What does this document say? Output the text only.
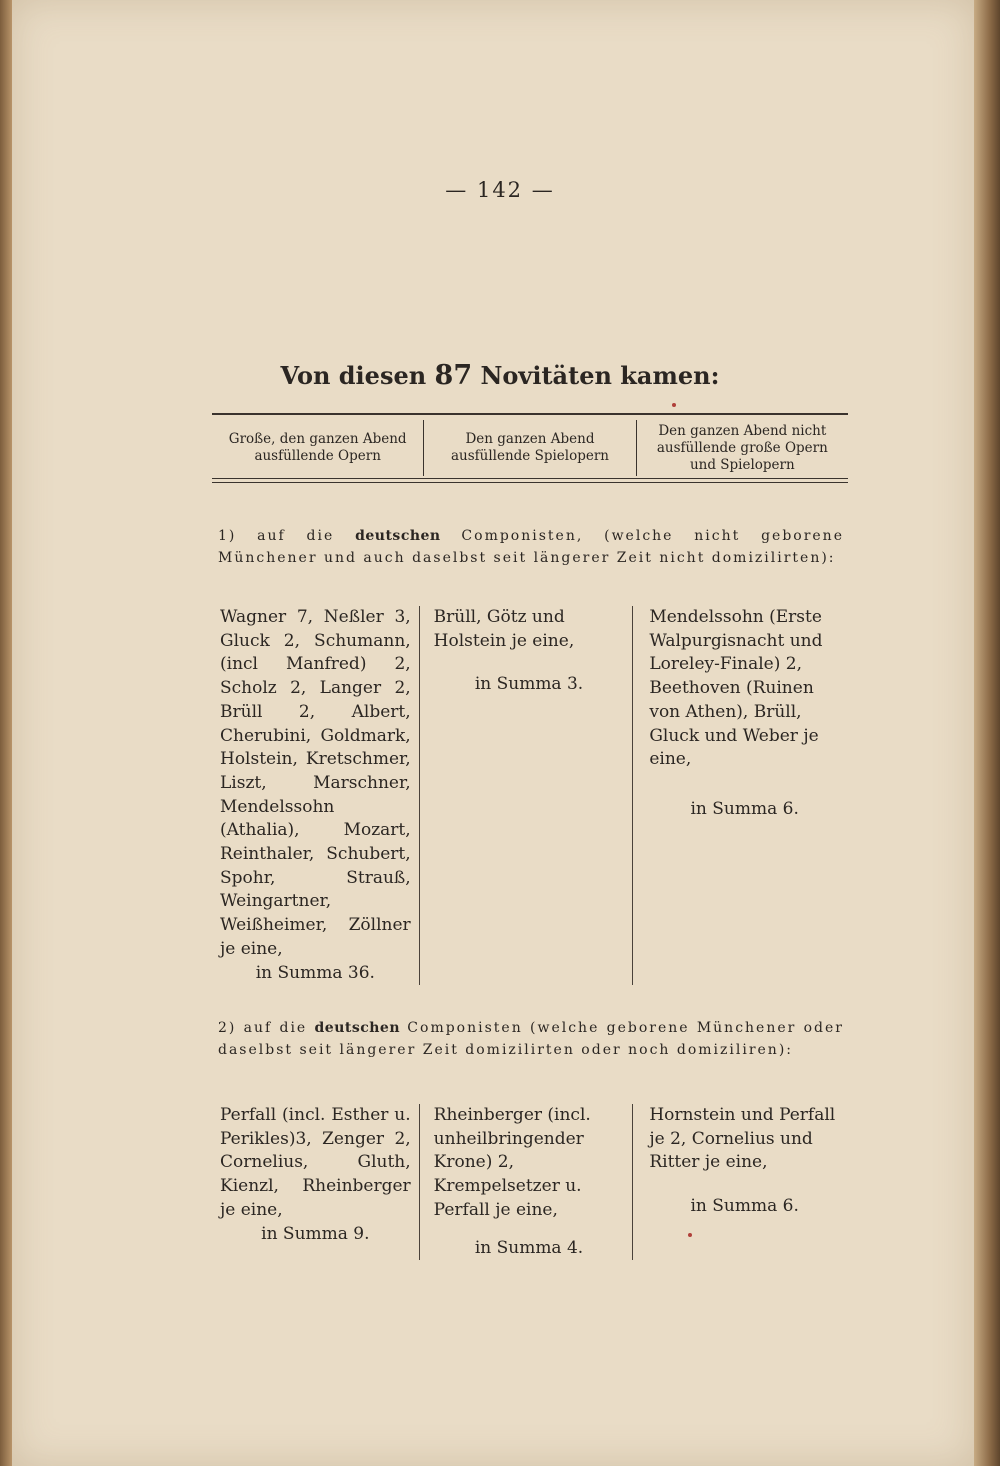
— 142 —
Von diesen 87 Novitäten kamen:
Große, den ganzen Abend ausfüllende Opern
Den ganzen Abend ausfüllende Spielopern
Den ganzen Abend nicht ausfüllende große Opern und Spielopern
1) auf die deutschen Componisten, (welche nicht geborene Münchener und auch daselbst seit längerer Zeit nicht domizilirten):

Wagner 7, Neßler 3, Gluck 2, Schumann, (incl Manfred) 2, Scholz 2, Langer 2, Brüll 2, Albert, Cherubini, Goldmark, Holstein, Kretschmer, Liszt, Marschner, Mendelssohn (Athalia), Mozart, Reinthaler, Schubert, Spohr, Strauß, Weingartner, Weißheimer, Zöllner je eine,

in Summa 36.

Brüll, Götz und Holstein je eine,

in Summa 3.

Mendelssohn (Erste Walpurgisnacht und Loreley-Finale) 2, Beethoven (Ruinen von Athen), Brüll, Gluck und Weber je eine,

in Summa 6.

2) auf die deutschen Componisten (welche geborene Münchener oder daselbst seit längerer Zeit domizilirten oder noch domiziliren):

Perfall (incl. Esther u. Perikles)3, Zenger 2, Cornelius, Gluth, Kienzl, Rheinberger je eine,

in Summa 9.

Rheinberger (incl. unheilbringender Krone) 2, Krempelsetzer u. Perfall je eine,

in Summa 4.

Hornstein und Perfall je 2, Cornelius und Ritter je eine,

in Summa 6.
